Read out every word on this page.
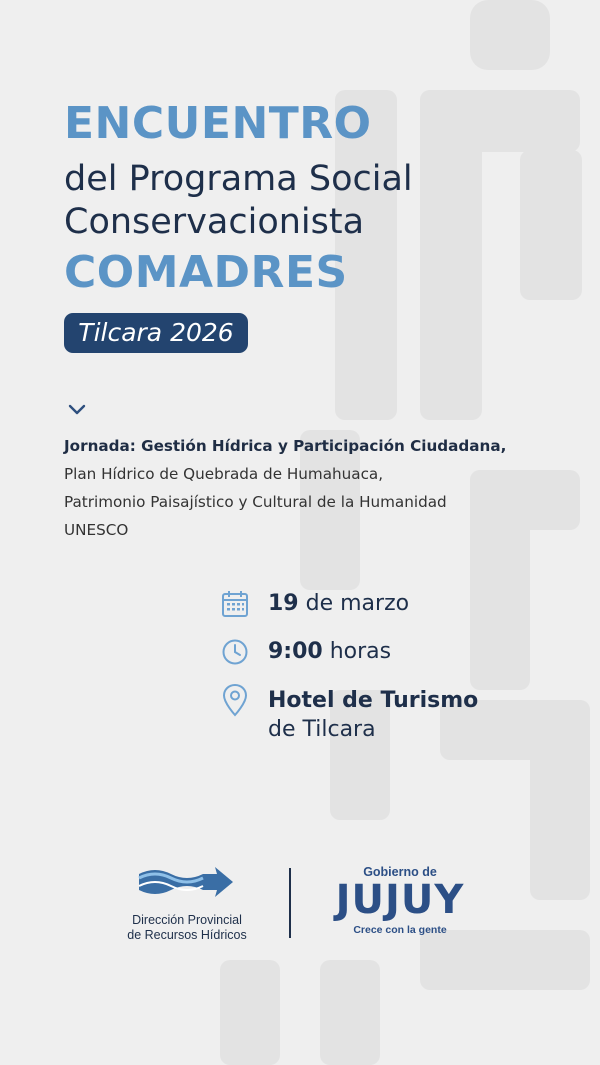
ENCUENTRO
del Programa Social
Conservacionista
COMADRES
Tilcara 2026
Jornada: Gestión Hídrica y Participación Ciudadana,
Plan Hídrico de Quebrada de Humahuaca,
Patrimonio Paisajístico y Cultural de la Humanidad
UNESCO
19 de marzo
9:00 horas
Hotel de Turismo
de Tilcara
Dirección Provincial
de Recursos Hídricos
Gobierno de
JUJUY
Crece con la gente
